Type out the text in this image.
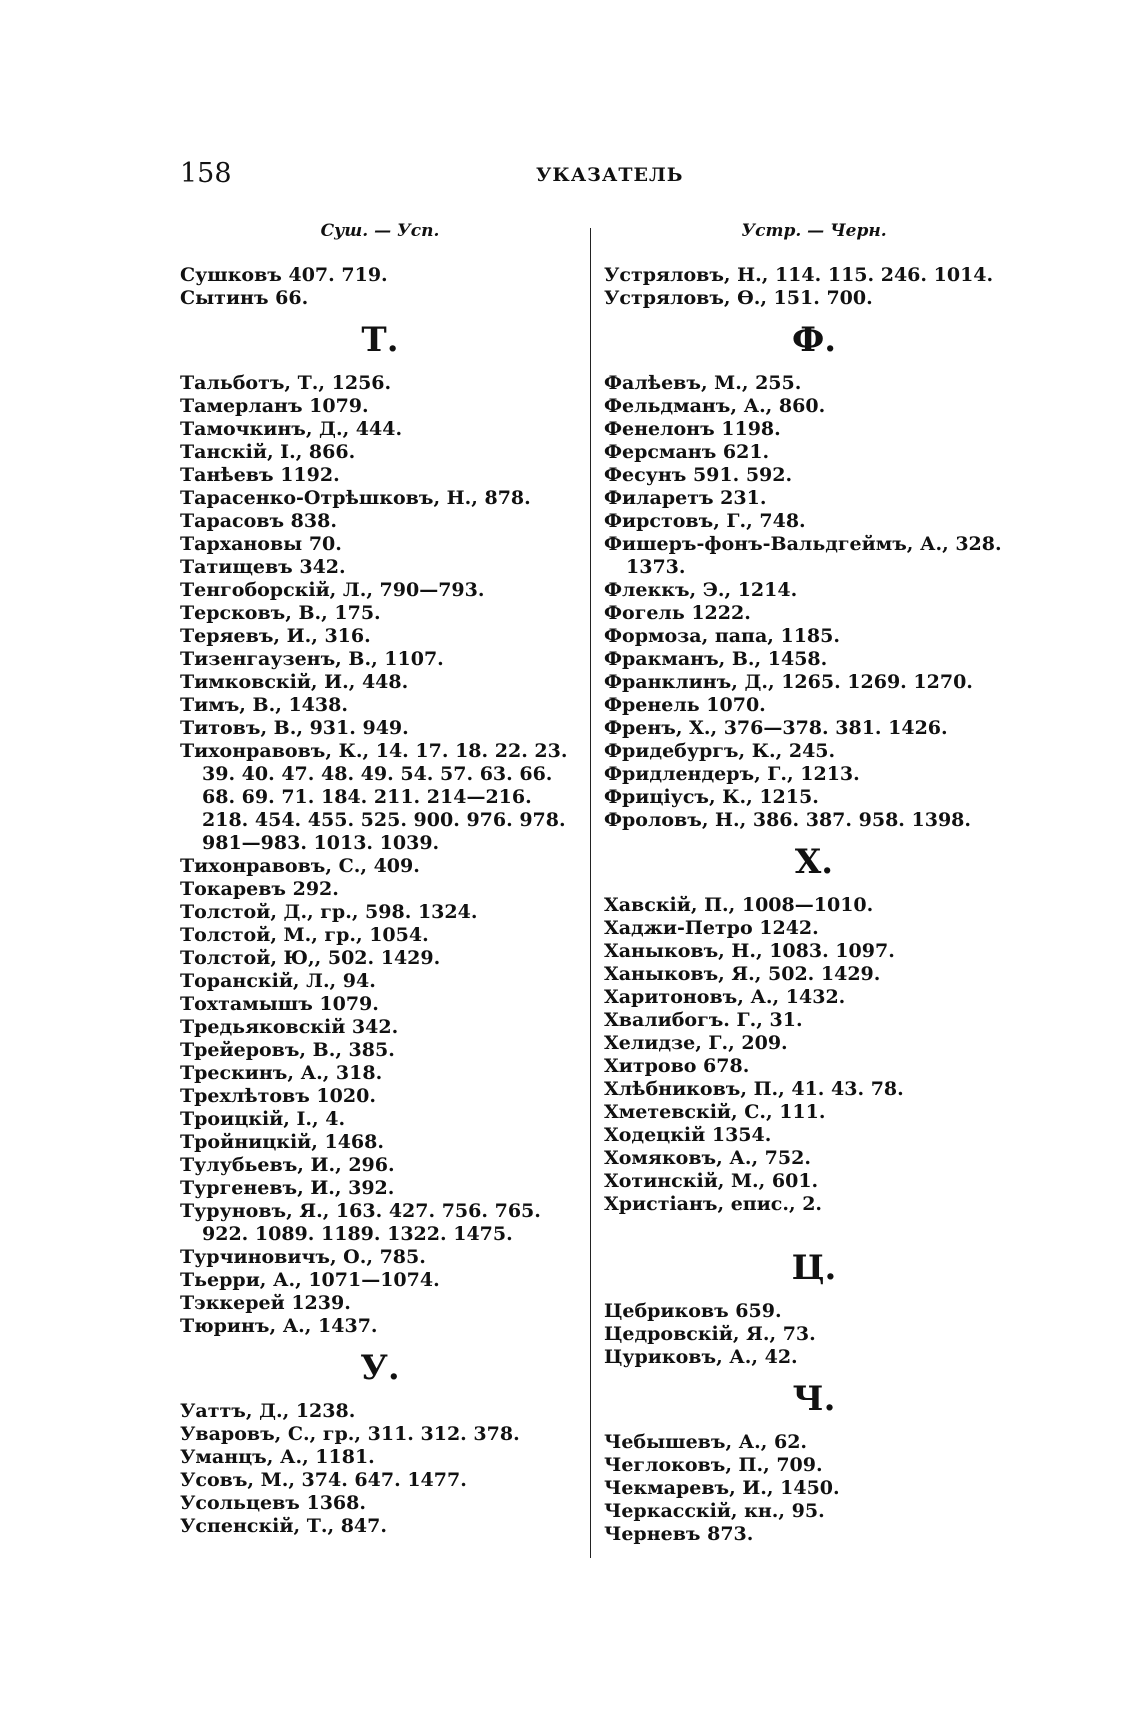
158	УКАЗАТЕЛЬ
Суш. — Усп.
Сушковъ 407. 719.
Сытинъ 66.
Т.
Тальботъ, Т., 1256.
Тамерланъ 1079.
Тамочкинъ, Д., 444.
Танскій, І., 866.
Танѣевъ 1192.
Тарасенко-Отрѣшковъ, Н., 878.
Тарасовъ 838.
Тархановы 70.
Татищевъ 342.
Тенгоборскій, Л., 790—793.
Терсковъ, В., 175.
Теряевъ, И., 316.
Тизенгаузенъ, В., 1107.
Тимковскій, И., 448.
Тимъ, В., 1438.
Титовъ, В., 931. 949.
Тихонравовъ, К., 14. 17. 18. 22. 23. 39. 40. 47. 48. 49. 54. 57. 63. 66. 68. 69. 71. 184. 211. 214—216. 218. 454. 455. 525. 900. 976. 978. 981—983. 1013. 1039.
Тихонравовъ, С., 409.
Токаревъ 292.
Толстой, Д., гр., 598. 1324.
Толстой, М., гр., 1054.
Толстой, Ю,, 502. 1429.
Торанскій, Л., 94.
Тохтамышъ 1079.
Тредьяковскій 342.
Трейеровъ, В., 385.
Трескинъ, А., 318.
Трехлѣтовъ 1020.
Троицкій, І., 4.
Тройницкій, 1468.
Тулубьевъ, И., 296.
Тургеневъ, И., 392.
Туруновъ, Я., 163. 427. 756. 765. 922. 1089. 1189. 1322. 1475.
Турчиновичъ, О., 785.
Тьерри, А., 1071—1074.
Тэккерей 1239.
Тюринъ, А., 1437.
У.
Уаттъ, Д., 1238.
Уваровъ, С., гр., 311. 312. 378.
Уманцъ, А., 1181.
Усовъ, М., 374. 647. 1477.
Усольцевъ 1368.
Успенскій, Т., 847.
Устр. — Черн.
Устряловъ, Н., 114. 115. 246. 1014.
Устряловъ, Ѳ., 151. 700.
Ф.
Фалѣевъ, М., 255.
Фельдманъ, А., 860.
Фенелонъ 1198.
Ферсманъ 621.
Фесунъ 591. 592.
Филаретъ 231.
Фирстовъ, Г., 748.
Фишеръ-фонъ-Вальдгеймъ, А., 328. 1373.
Флеккъ, Э., 1214.
Фогель 1222.
Формоза, папа, 1185.
Фракманъ, В., 1458.
Франклинъ, Д., 1265. 1269. 1270.
Френель 1070.
Френъ, Х., 376—378. 381. 1426.
Фридебургъ, К., 245.
Фридлендеръ, Г., 1213.
Фриціусъ, К., 1215.
Фроловъ, Н., 386. 387. 958. 1398.
Х.
Хавскій, П., 1008—1010.
Хаджи-Петро 1242.
Ханыковъ, Н., 1083. 1097.
Ханыковъ, Я., 502. 1429.
Харитоновъ, А., 1432.
Хвалибогъ. Г., 31.
Хелидзе, Г., 209.
Хитрово 678.
Хлѣбниковъ, П., 41. 43. 78.
Хметевскій, С., 111.
Ходецкій 1354.
Хомяковъ, А., 752.
Хотинскій, М., 601.
Христіанъ, епис., 2.
Ц.
Цебриковъ 659.
Цедровскій, Я., 73.
Цуриковъ, А., 42.
Ч.
Чебышевъ, А., 62.
Чеглоковъ, П., 709.
Чекмаревъ, И., 1450.
Черкасскій, кн., 95.
Черневъ 873.
